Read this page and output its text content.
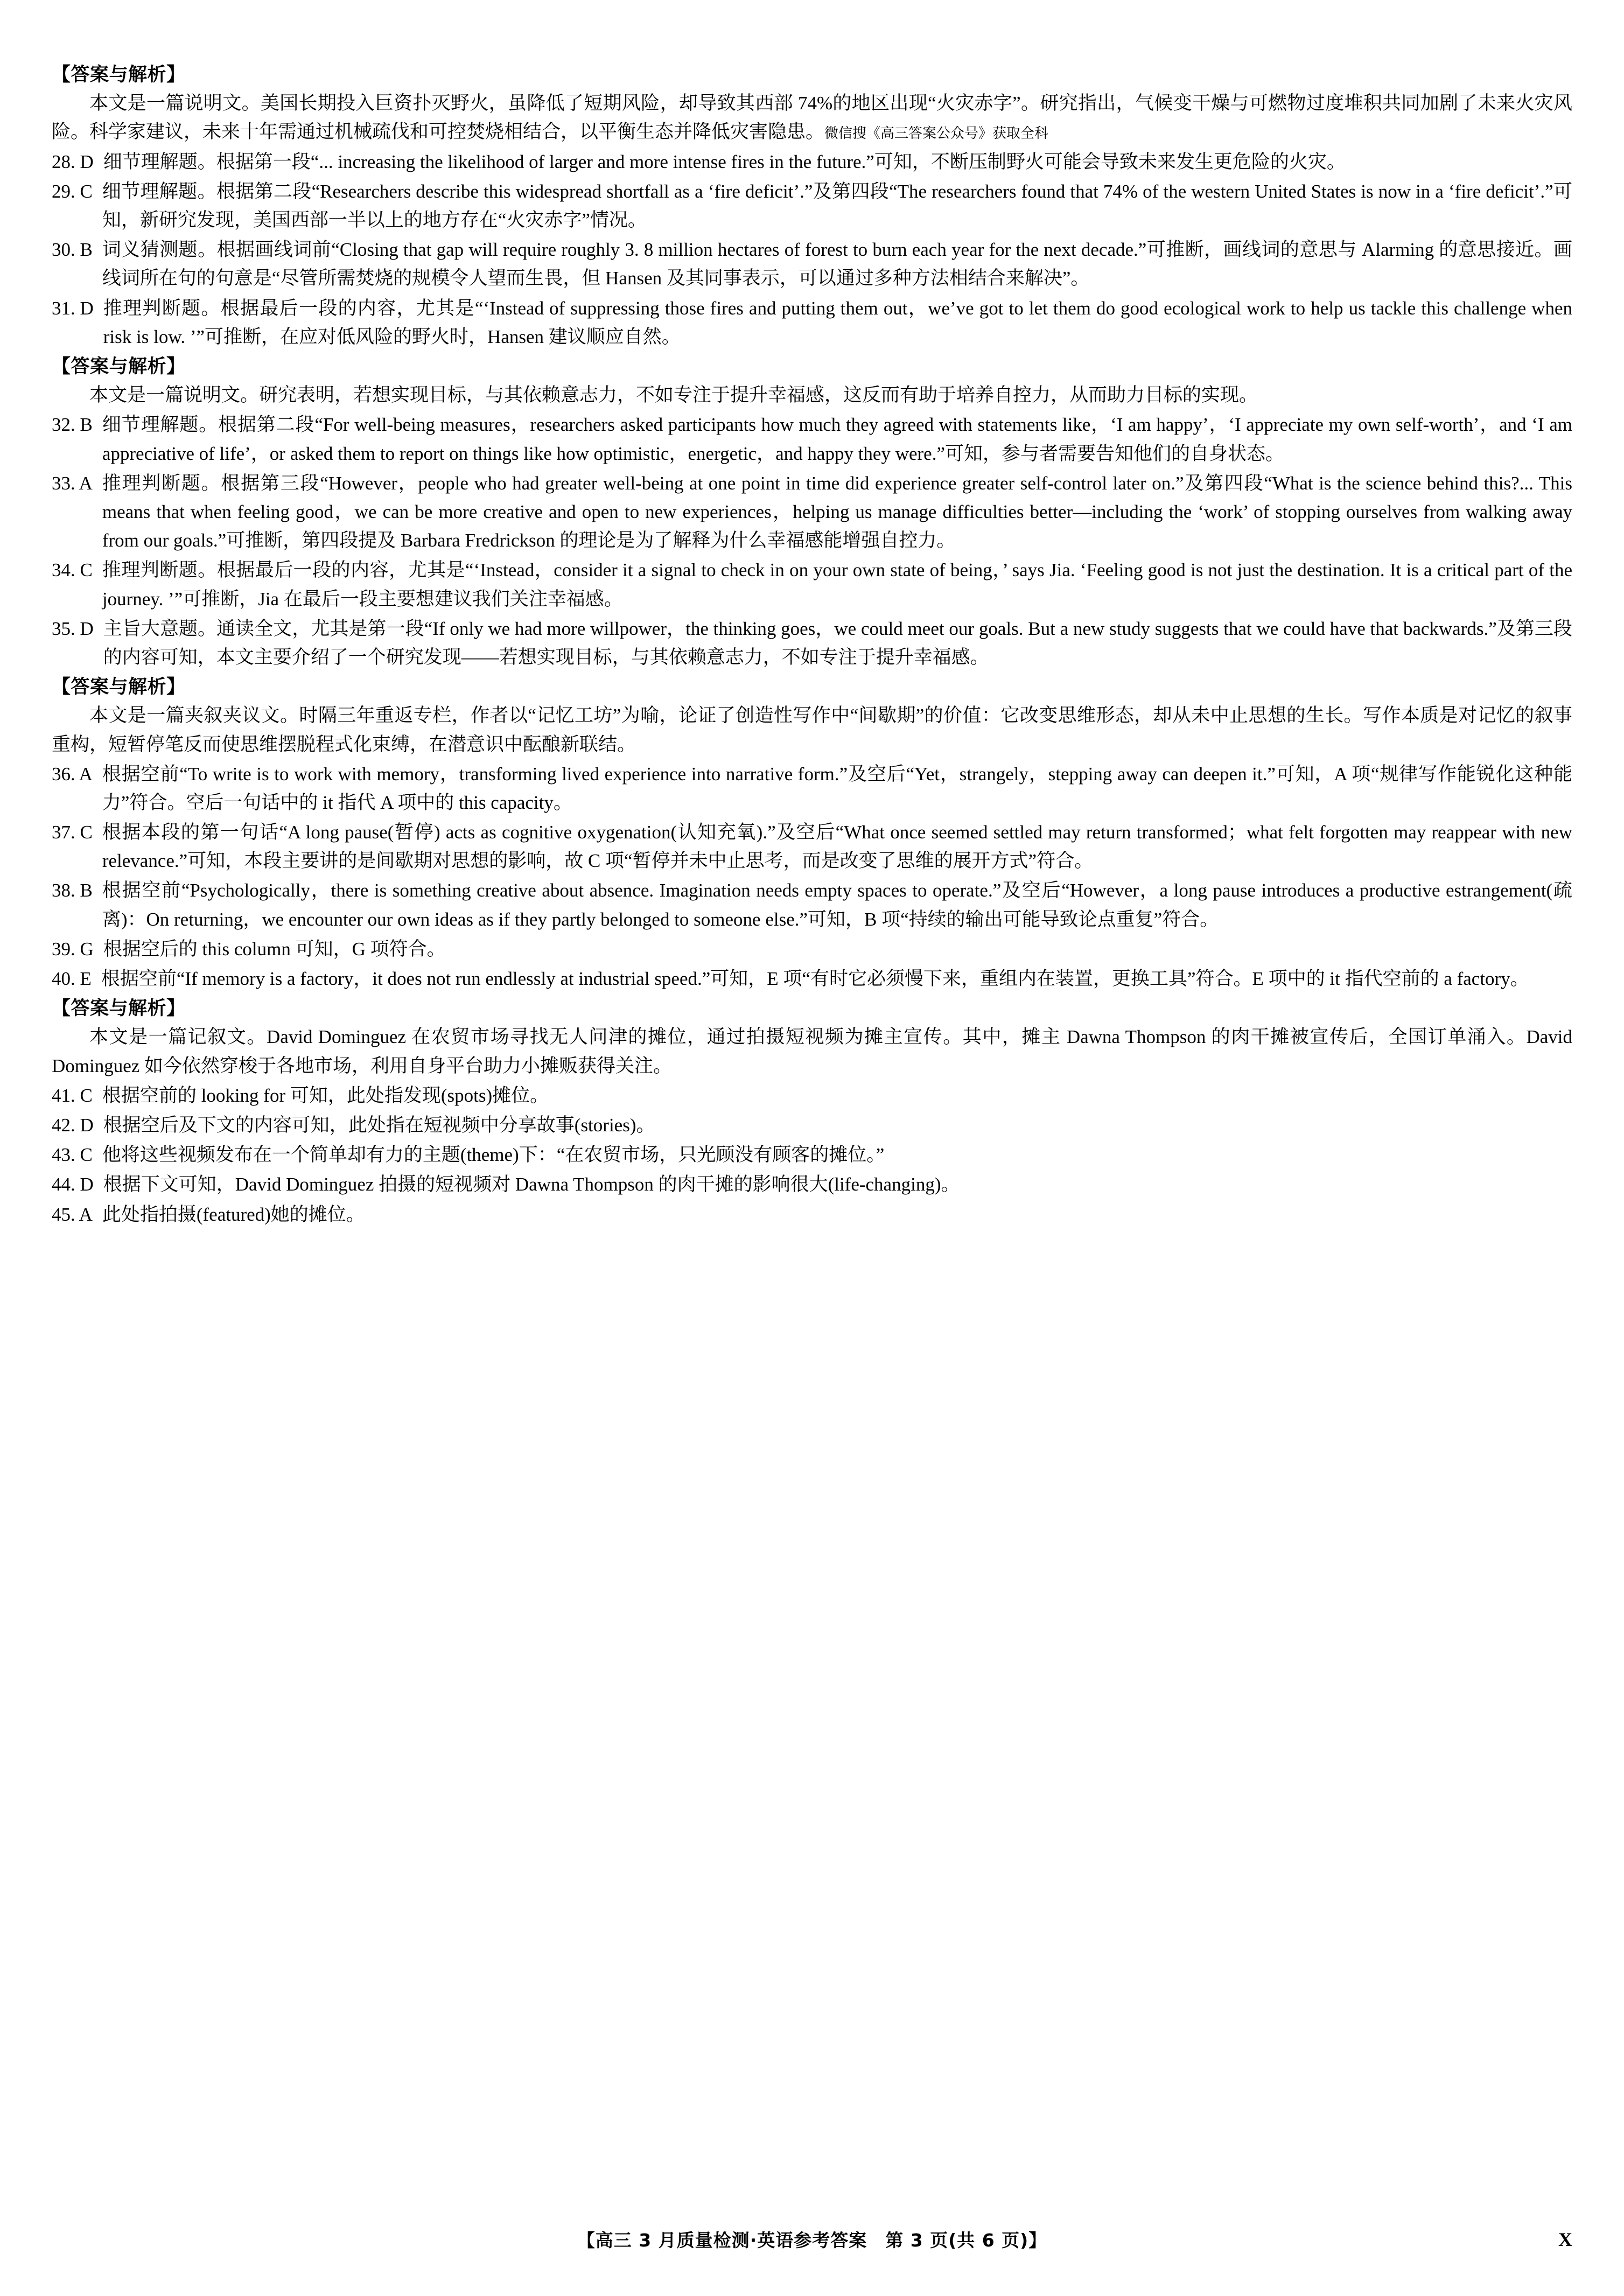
【答案与解析】

本文是一篇说明文。美国长期投入巨资扑灭野火，虽降低了短期风险，却导致其西部 74%的地区出现“火灾赤字”。研究指出，气候变干燥与可燃物过度堆积共同加剧了未来火灾风险。科学家建议，未来十年需通过机械疏伐和可控焚烧相结合，以平衡生态并降低灾害隐患。微信搜《高三答案公众号》获取全科

28. D 细节理解题。根据第一段“... increasing the likelihood of larger and more intense fires in the future.”可知，不断压制野火可能会导致未来发生更危险的火灾。
29. C 细节理解题。根据第二段“Researchers describe this widespread shortfall as a ‘fire deficit’.”及第四段“The researchers found that 74% of the western United States is now in a ‘fire deficit’.”可知，新研究发现，美国西部一半以上的地方存在“火灾赤字”情况。
30. B 词义猜测题。根据画线词前“Closing that gap will require roughly 3. 8 million hectares of forest to burn each year for the next decade.”可推断，画线词的意思与 Alarming 的意思接近。画线词所在句的句意是“尽管所需焚烧的规模令人望而生畏，但 Hansen 及其同事表示，可以通过多种方法相结合来解决”。
31. D 推理判断题。根据最后一段的内容，尤其是“‘Instead of suppressing those fires and putting them out，we’ve got to let them do good ecological work to help us tackle this challenge when risk is low. ’”可推断，在应对低风险的野火时，Hansen 建议顺应自然。
【答案与解析】

本文是一篇说明文。研究表明，若想实现目标，与其依赖意志力，不如专注于提升幸福感，这反而有助于培养自控力，从而助力目标的实现。

32. B 细节理解题。根据第二段“For well-being measures，researchers asked participants how much they agreed with statements like，‘I am happy’，‘I appreciate my own self-worth’，and ‘I am appreciative of life’，or asked them to report on things like how optimistic，energetic，and happy they were.”可知，参与者需要告知他们的自身状态。
33. A 推理判断题。根据第三段“However，people who had greater well-being at one point in time did experience greater self-control later on.”及第四段“What is the science behind this?... This means that when feeling good，we can be more creative and open to new experiences，helping us manage difficulties better—including the ‘work’ of stopping ourselves from walking away from our goals.”可推断，第四段提及 Barbara Fredrickson 的理论是为了解释为什么幸福感能增强自控力。
34. C 推理判断题。根据最后一段的内容，尤其是“‘Instead，consider it a signal to check in on your own state of being，’ says Jia. ‘Feeling good is not just the destination. It is a critical part of the journey. ’”可推断，Jia 在最后一段主要想建议我们关注幸福感。
35. D 主旨大意题。通读全文，尤其是第一段“If only we had more willpower，the thinking goes，we could meet our goals. But a new study suggests that we could have that backwards.”及第三段的内容可知，本文主要介绍了一个研究发现——若想实现目标，与其依赖意志力，不如专注于提升幸福感。
【答案与解析】

本文是一篇夹叙夹议文。时隔三年重返专栏，作者以“记忆工坊”为喻，论证了创造性写作中“间歇期”的价值：它改变思维形态，却从未中止思想的生长。写作本质是对记忆的叙事重构，短暂停笔反而使思维摆脱程式化束缚，在潜意识中酝酿新联结。

36. A 根据空前“To write is to work with memory，transforming lived experience into narrative form.”及空后“Yet，strangely，stepping away can deepen it.”可知，A 项“规律写作能锐化这种能力”符合。空后一句话中的 it 指代 A 项中的 this capacity。
37. C 根据本段的第一句话“A long pause(暂停) acts as cognitive oxygenation(认知充氧).”及空后“What once seemed settled may return transformed；what felt forgotten may reappear with new relevance.”可知，本段主要讲的是间歇期对思想的影响，故 C 项“暂停并未中止思考，而是改变了思维的展开方式”符合。
38. B 根据空前“Psychologically，there is something creative about absence. Imagination needs empty spaces to operate.”及空后“However，a long pause introduces a productive estrangement(疏离)：On returning，we encounter our own ideas as if they partly belonged to someone else.”可知，B 项“持续的输出可能导致论点重复”符合。
39. G 根据空后的 this column 可知，G 项符合。
40. E 根据空前“If memory is a factory，it does not run endlessly at industrial speed.”可知，E 项“有时它必须慢下来，重组内在装置，更换工具”符合。E 项中的 it 指代空前的 a factory。
【答案与解析】

本文是一篇记叙文。David Dominguez 在农贸市场寻找无人问津的摊位，通过拍摄短视频为摊主宣传。其中，摊主 Dawna Thompson 的肉干摊被宣传后，全国订单涌入。David Dominguez 如今依然穿梭于各地市场，利用自身平台助力小摊贩获得关注。

41. C 根据空前的 looking for 可知，此处指发现(spots)摊位。
42. D 根据空后及下文的内容可知，此处指在短视频中分享故事(stories)。
43. C 他将这些视频发布在一个简单却有力的主题(theme)下：“在农贸市场，只光顾没有顾客的摊位。”
44. D 根据下文可知，David Dominguez 拍摄的短视频对 Dawna Thompson 的肉干摊的影响很大(life-changing)。
45. A 此处指拍摄(featured)她的摊位。
【高三 3 月质量检测·英语参考答案　第 3 页(共 6 页)】	X
